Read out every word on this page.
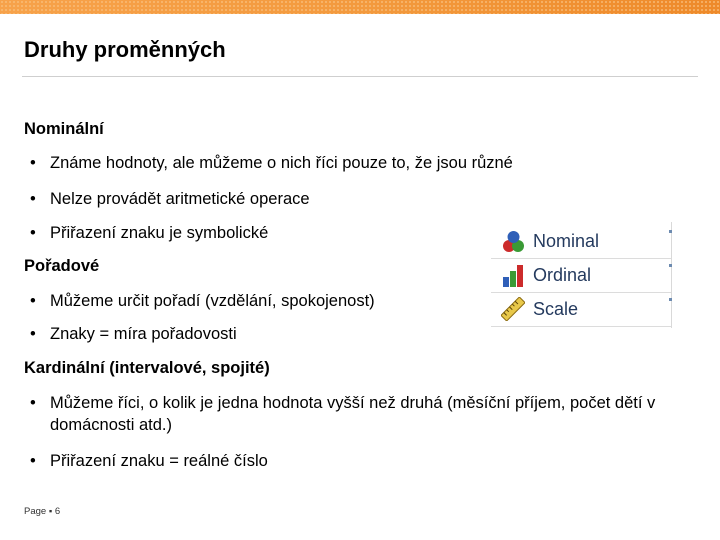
Druhy proměnných
Nominální
• Známe hodnoty, ale můžeme o nich říci pouze to, že jsou různé
• Nelze provádět aritmetické operace
• Přiřazení znaku je symbolické
Pořadové
• Můžeme určit pořadí (vzdělání, spokojenost)
• Znaky = míra pořadovosti
Kardinální (intervalové, spojité)
• Můžeme říci, o kolik je jedna hodnota vyšší než druhá (měsíční příjem, počet dětí v domácnosti atd.)
• Přiřazení znaku = reálné číslo
Nominal
Ordinal
Scale
Page ▪ 6
